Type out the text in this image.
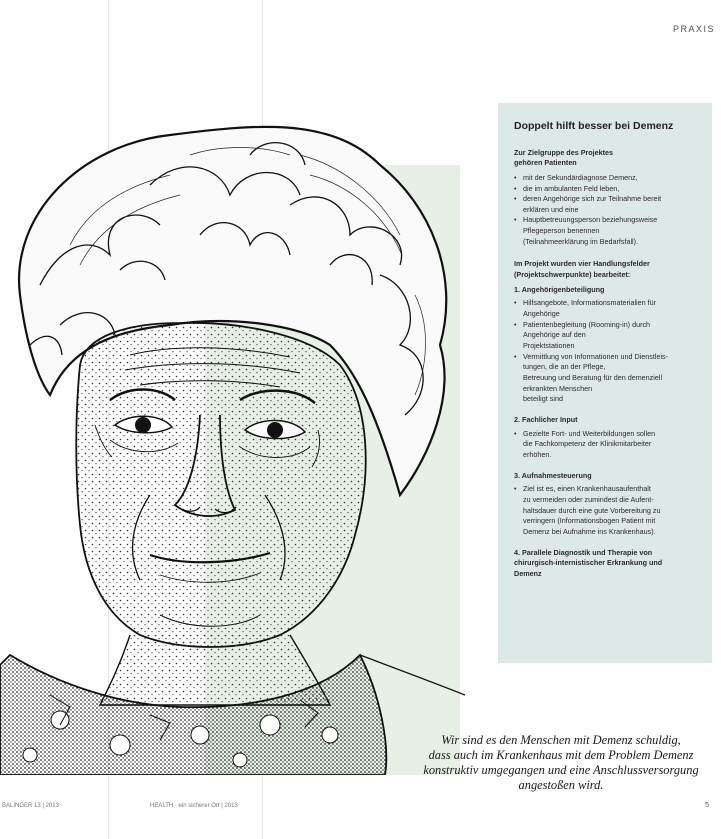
PRAXIS
Doppelt hilft besser bei Demenz
Zur Zielgruppe des Projektes
gehören Patienten
• mit der Sekundärdiagnose Demenz,
• die im ambulanten Feld leben,
• deren Angehörige sich zur Teilnahme bereit
erklären und eine
• Hauptbetreuungsperson beziehungsweise
Pflegeperson benennen
(Teilnahmeerklärung im Bedarfsfall).
Im Projekt wurden vier Handlungsfelder
(Projektschwerpunkte) bearbeitet:
1. Angehörigenbeteiligung
• Hilfsangebote, Informationsmaterialien für
Angehörige
• Patientenbegleitung (Rooming-in) durch
Angehörige auf den
Projektstationen
• Vermittlung von Informationen und Dienstleis-
tungen, die an der Pflege,
Betreuung und Beratung für den demenziell
erkrankten Menschen
beteiligt sind
2. Fachlicher Input
• Gezielte Fort- und Weiterbildungen sollen
die Fachkompetenz der Klinikmitarbeiter
erhöhen.
3. Aufnahmesteuerung
• Ziel ist es, einen Krankenhausaufenthalt
zu vermeiden oder zumindest die Aufent-
haltsdauer durch eine gute Vorbereitung zu
verringern (Informationsbogen Patient mit
Demenz bei Aufnahme ins Krankenhaus).
4. Parallele Diagnostik und Therapie von
chirurgisch-internistischer Erkrankung und
Demenz
Wir sind es den Menschen mit Demenz schuldig,
dass auch im Krankenhaus mit dem Problem Demenz
konstruktiv umgegangen und eine Anschlussversorgung
angestoßen wird.
BALINGER 13 | 2013	HEALTH · ein sicherer Ort | 2013	5
